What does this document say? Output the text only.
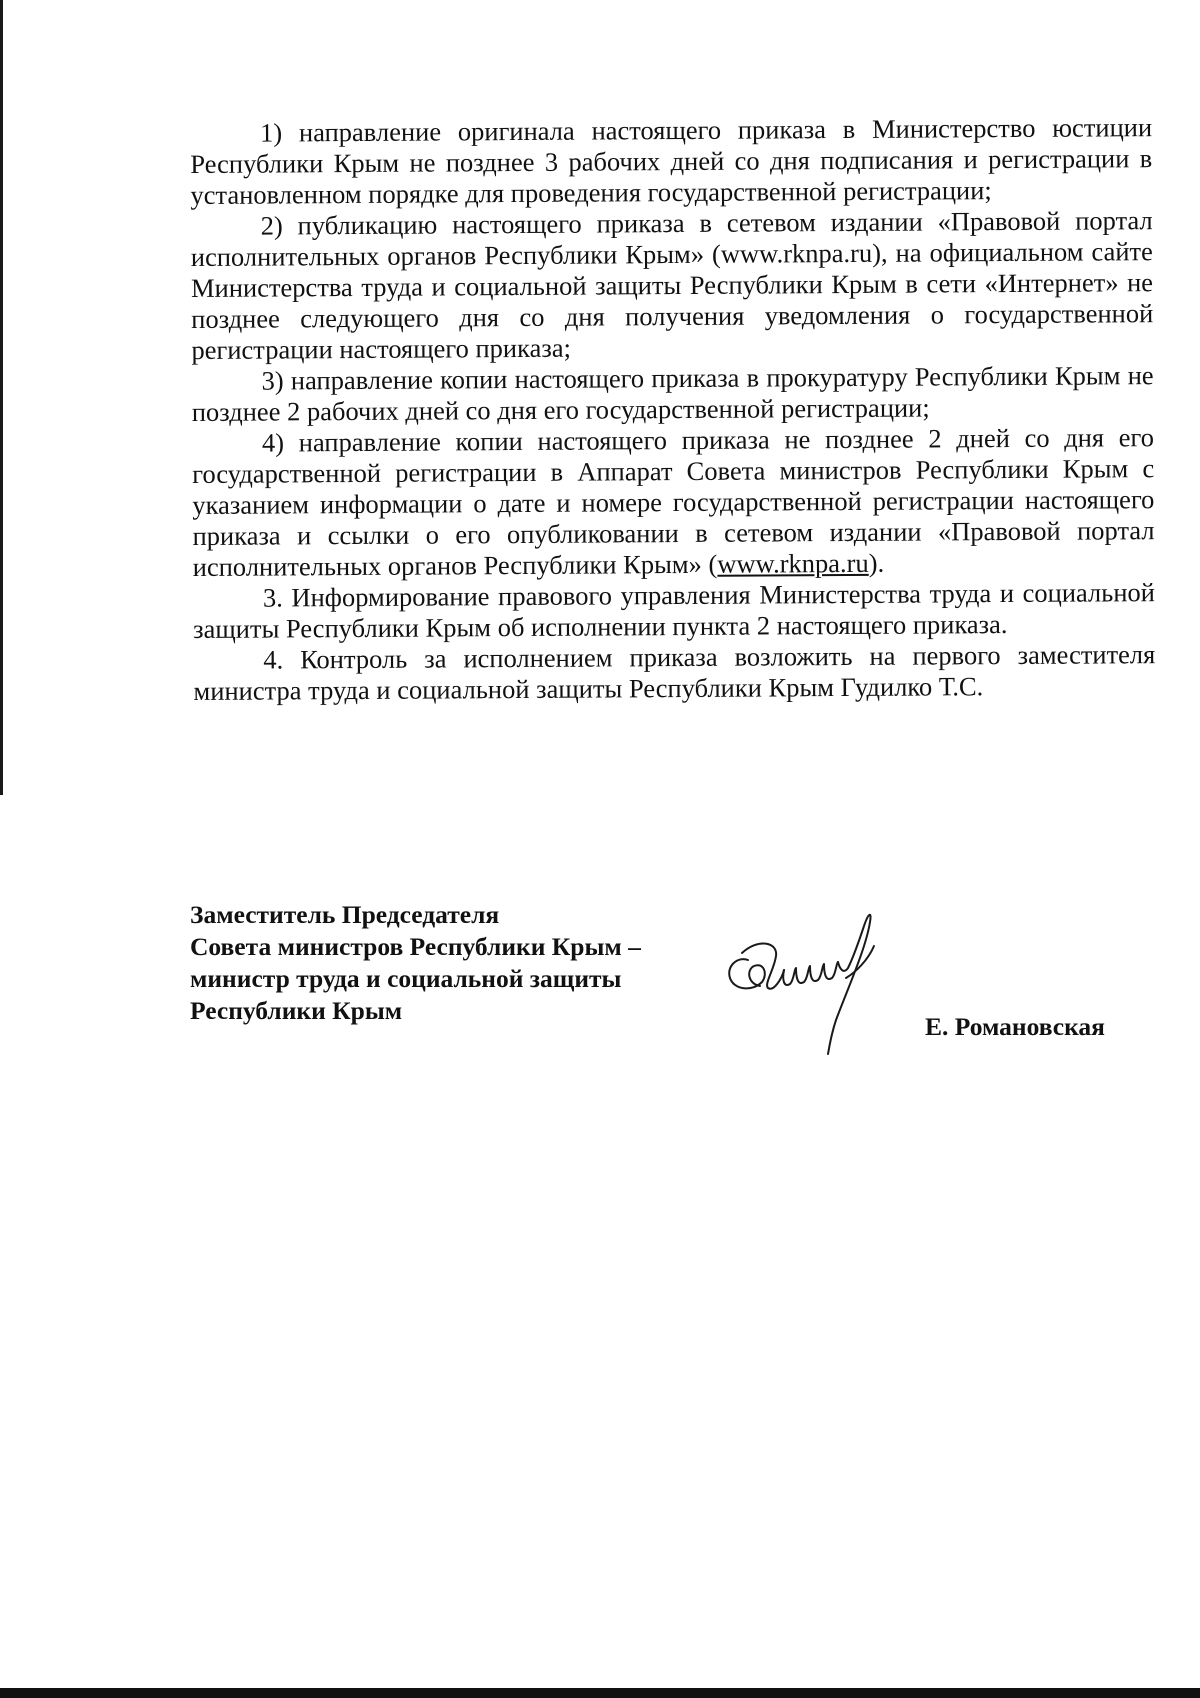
1) направление оригинала настоящего приказа в Министерство юстиции Республики Крым не позднее 3 рабочих дней со дня подписания и регистрации в установленном порядке для проведения государственной регистрации;

2) публикацию настоящего приказа в сетевом издании «Правовой портал исполнительных органов Республики Крым» (www.rknpa.ru), на официальном сайте Министерства труда и социальной защиты Республики Крым в сети «Интернет» не позднее следующего дня со дня получения уведомления о государственной регистрации настоящего приказа;

3) направление копии настоящего приказа в прокуратуру Республики Крым не позднее 2 рабочих дней со дня его государственной регистрации;

4) направление копии настоящего приказа не позднее 2 дней со дня его государственной регистрации в Аппарат Совета министров Республики Крым с указанием информации о дате и номере государственной регистрации настоящего приказа и ссылки о его опубликовании в сетевом издании «Правовой портал исполнительных органов Республики Крым» (www.rknpa.ru).

3. Информирование правового управления Министерства труда и социальной защиты Республики Крым об исполнении пункта 2 настоящего приказа.

4. Контроль за исполнением приказа возложить на первого заместителя министра труда и социальной защиты Республики Крым Гудилко Т.С.

Заместитель Председателя
Совета министров Республики Крым –
министр труда и социальной защиты
Республики Крым
Е. Романовская
